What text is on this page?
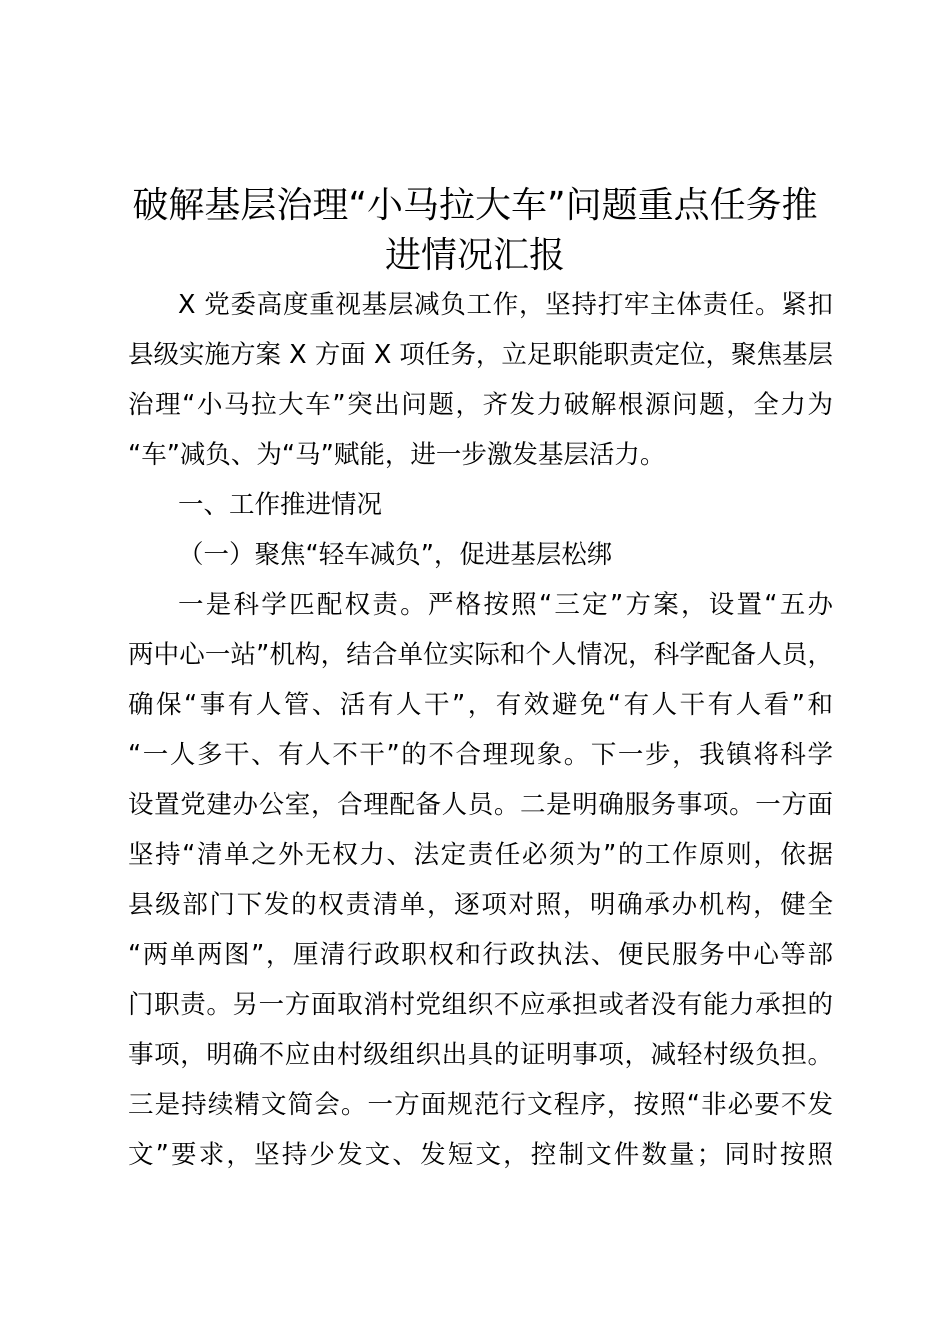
破解基层治理“小马拉大车”问题重点任务推
进情况汇报

X 党委高度重视基层减负工作，坚持打牢主体责任。紧扣

县级实施方案 X 方面 X 项任务，立足职能职责定位，聚焦基层

治理“小马拉大车”突出问题，齐发力破解根源问题，全力为

“车”减负、为“马”赋能，进一步激发基层活力。

一、工作推进情况

（一）聚焦“轻车减负”，促进基层松绑

一是科学匹配权责。严格按照“三定”方案，设置“五办

两中心一站”机构，结合单位实际和个人情况，科学配备人员，

确保“事有人管、活有人干”，有效避免“有人干有人看”和

“一人多干、有人不干”的不合理现象。下一步，我镇将科学

设置党建办公室，合理配备人员。二是明确服务事项。一方面

坚持“清单之外无权力、法定责任必须为”的工作原则，依据

县级部门下发的权责清单，逐项对照，明确承办机构，健全

“两单两图”，厘清行政职权和行政执法、便民服务中心等部

门职责。另一方面取消村党组织不应承担或者没有能力承担的

事项，明确不应由村级组织出具的证明事项，减轻村级负担。

三是持续精文简会。一方面规范行文程序，按照“非必要不发

文”要求，坚持少发文、发短文，控制文件数量；同时按照
